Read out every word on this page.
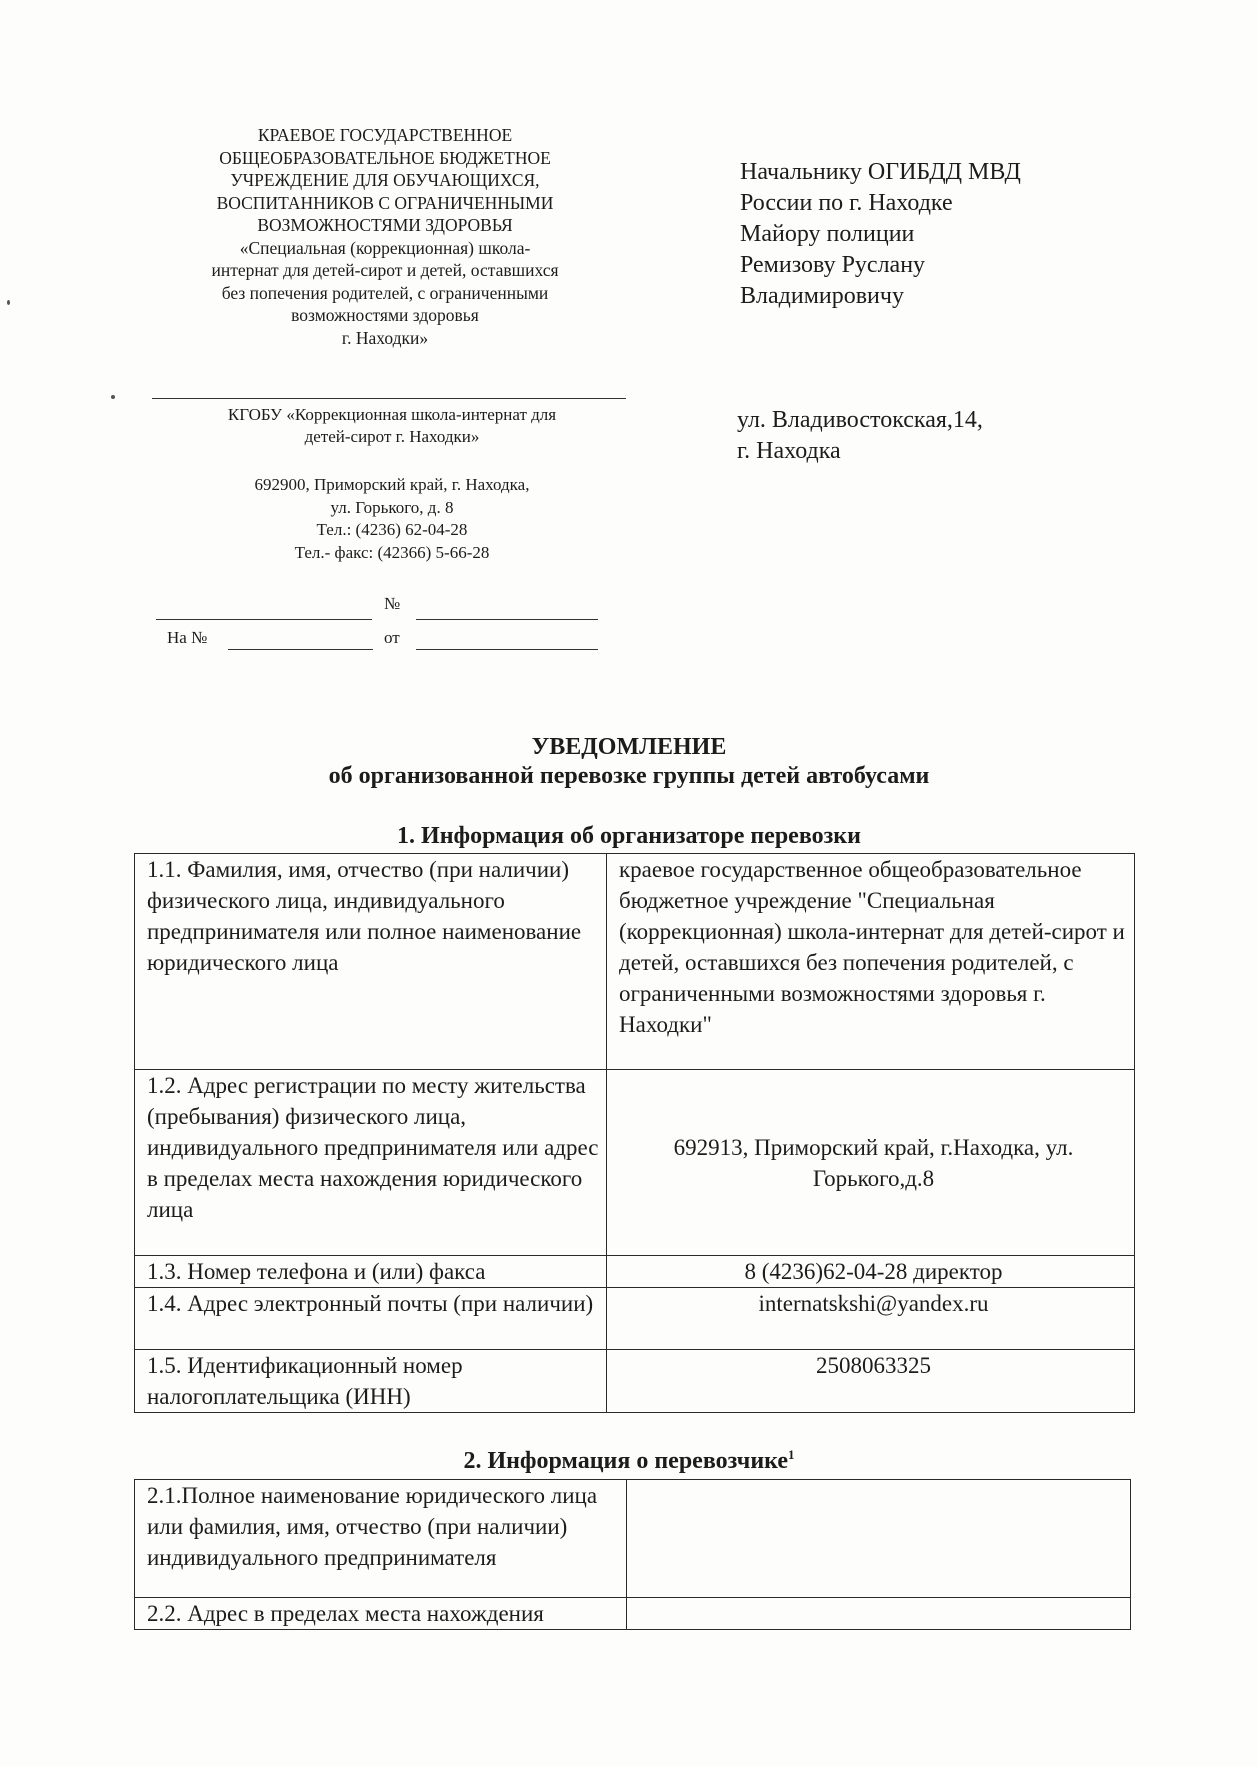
КРАЕВОЕ ГОСУДАРСТВЕННОЕ
ОБЩЕОБРАЗОВАТЕЛЬНОЕ БЮДЖЕТНОЕ
УЧРЕЖДЕНИЕ ДЛЯ ОБУЧАЮЩИХСЯ,
ВОСПИТАННИКОВ С ОГРАНИЧЕННЫМИ
ВОЗМОЖНОСТЯМИ ЗДОРОВЬЯ
«Специальная (коррекционная) школа-
интернат для детей-сирот и детей, оставшихся
без попечения родителей, с ограниченными
возможностями здоровья
г. Находки»
КГОБУ «Коррекционная школа-интернат для
детей-сирот г. Находки»
692900, Приморский край, г. Находка,
ул. Горького, д. 8
Тел.: (4236) 62-04-28
Тел.- факс: (42366) 5-66-28
№
На №	от
Начальнику ОГИБДД МВД
России по г. Находке
Майору полиции
Ремизову Руслану
Владимировичу
ул. Владивостокская,14,
г. Находка
УВЕДОМЛЕНИЕ
об организованной перевозке группы детей автобусами
1. Информация об организаторе перевозки
1.1. Фамилия, имя, отчество (при наличии) физического лица, индивидуального предпринимателя или полное наименование юридического лица	краевое государственное общеобразовательное бюджетное учреждение "Специальная (коррекционная) школа-интернат для детей-сирот и детей, оставшихся без попечения родителей, с ограниченными возможностями здоровья г. Находки"
1.2. Адрес регистрации по месту жительства (пребывания) физического лица, индивидуального предпринимателя или адрес в пределах места нахождения юридического лица	692913, Приморский край, г.Находка, ул. Горького,д.8
1.3. Номер телефона и (или) факса	8 (4236)62-04-28 директор
1.4. Адрес электронный почты (при наличии)	internatskshi@yandex.ru
1.5. Идентификационный номер налогоплательщика (ИНН)	2508063325
2. Информация о перевозчике$^1$
2.1.Полное наименование юридического лица или фамилия, имя, отчество (при наличии) индивидуального предпринимателя	
2.2. Адрес в пределах места нахождения	
